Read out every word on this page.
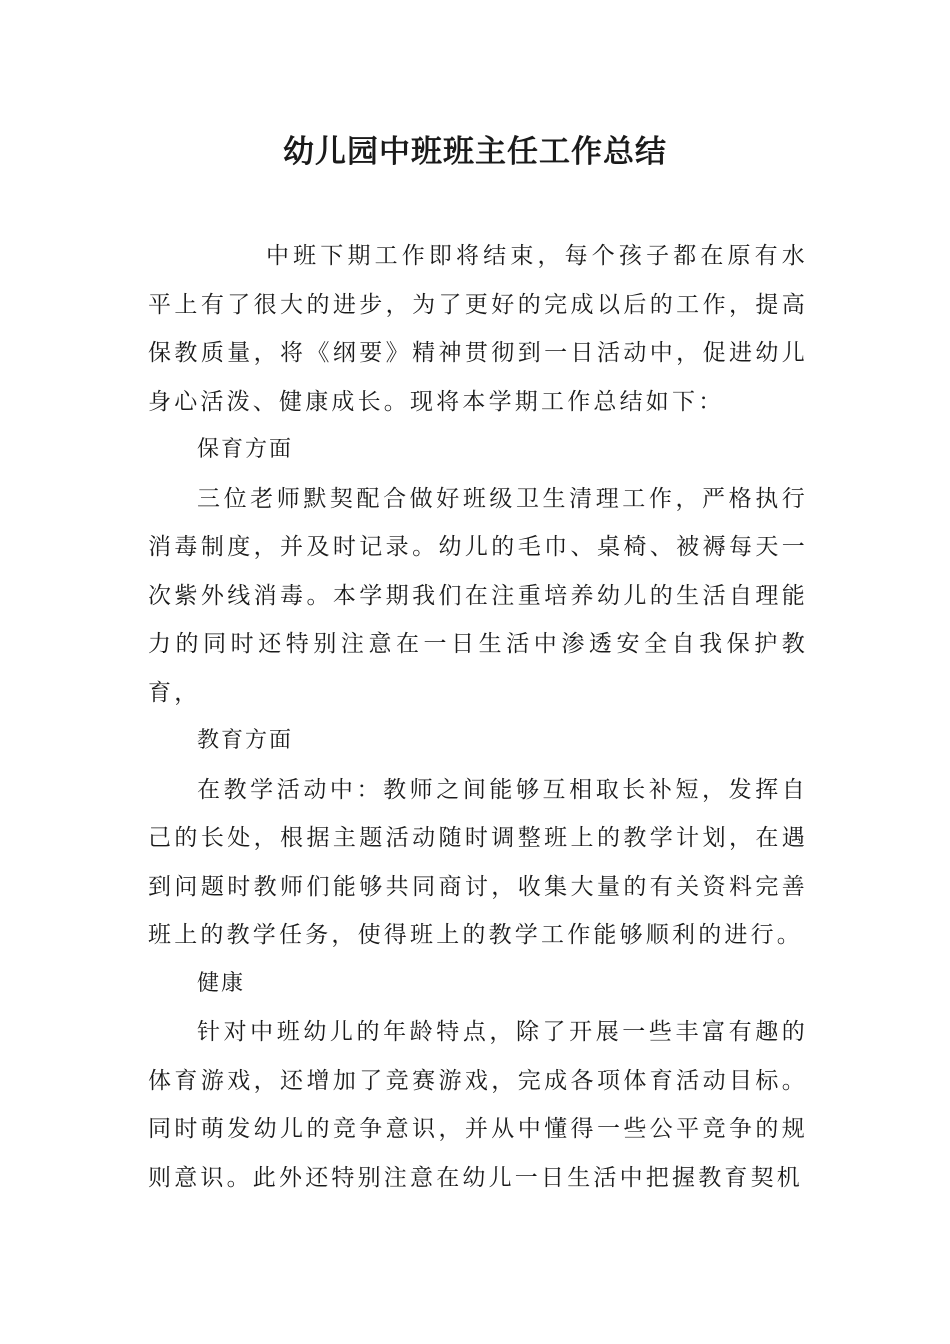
幼儿园中班班主任工作总结

中班下期工作即将结束，每个孩子都在原有水平上有了很大的进步，为了更好的完成以后的工作，提高保教质量，将《纲要》精神贯彻到一日活动中，促进幼儿身心活泼、健康成长。现将本学期工作总结如下：

保育方面

三位老师默契配合做好班级卫生清理工作，严格执行消毒制度，并及时记录。幼儿的毛巾、桌椅、被褥每天一次紫外线消毒。本学期我们在注重培养幼儿的生活自理能力的同时还特别注意在一日生活中渗透安全自我保护教育，

教育方面

在教学活动中：教师之间能够互相取长补短，发挥自己的长处，根据主题活动随时调整班上的教学计划，在遇到问题时教师们能够共同商讨，收集大量的有关资料完善班上的教学任务，使得班上的教学工作能够顺利的进行。

健康

针对中班幼儿的年龄特点，除了开展一些丰富有趣的体育游戏，还增加了竞赛游戏，完成各项体育活动目标。同时萌发幼儿的竞争意识，并从中懂得一些公平竞争的规则意识。此外还特别注意在幼儿一日生活中把握教育契机
